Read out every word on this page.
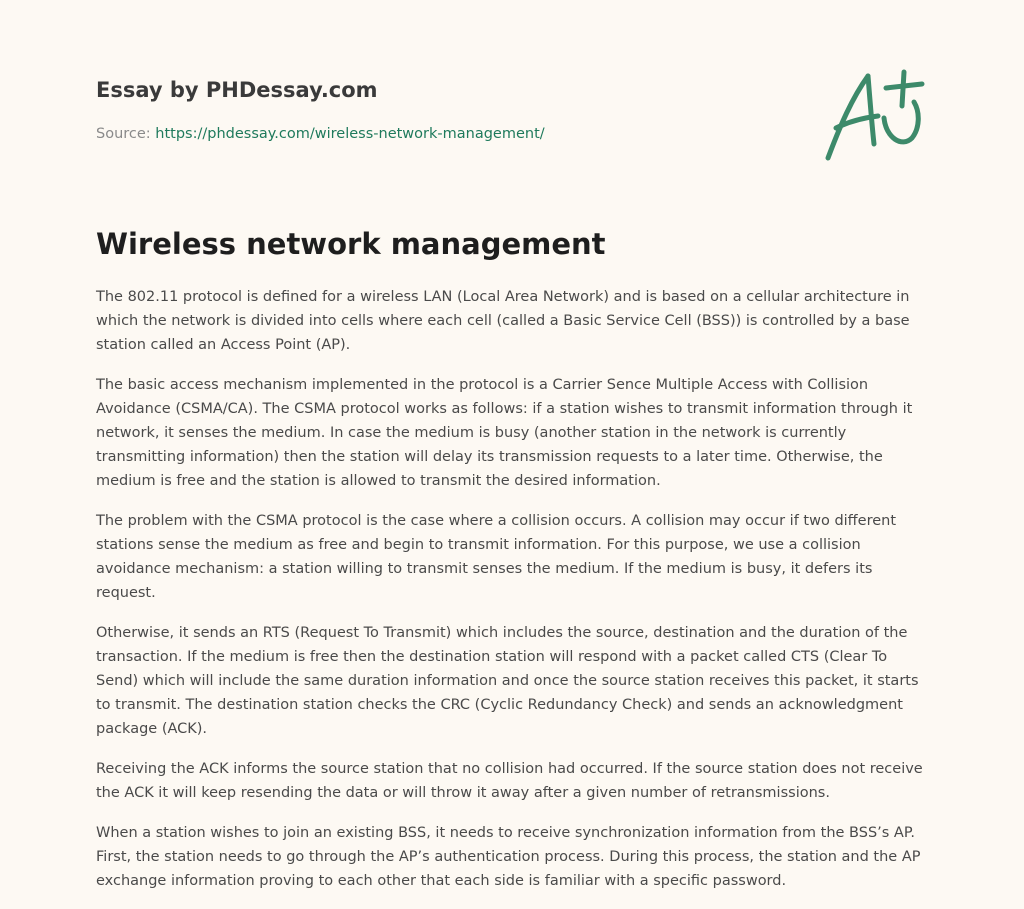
Essay by PHDessay.com
Source: https://phdessay.com/wireless-network-management/
Wireless network management

The 802.11 protocol is defined for a wireless LAN (Local Area Network) and is based on a cellular architecture in which the network is divided into cells where each cell (called a Basic Service Cell (BSS)) is controlled by a base station called an Access Point (AP).

The basic access mechanism implemented in the protocol is a Carrier Sence Multiple Access with Collision Avoidance (CSMA/CA). The CSMA protocol works as follows: if a station wishes to transmit information through it network, it senses the medium. In case the medium is busy (another station in the network is currently transmitting information) then the station will delay its transmission requests to a later time. Otherwise, the medium is free and the station is allowed to transmit the desired information.

The problem with the CSMA protocol is the case where a collision occurs. A collision may occur if two different stations sense the medium as free and begin to transmit information. For this purpose, we use a collision avoidance mechanism: a station willing to transmit senses the medium. If the medium is busy, it defers its request.

Otherwise, it sends an RTS (Request To Transmit) which includes the source, destination and the duration of the transaction. If the medium is free then the destination station will respond with a packet called CTS (Clear To Send) which will include the same duration information and once the source station receives this packet, it starts to transmit. The destination station checks the CRC (Cyclic Redundancy Check) and sends an acknowledgment package (ACK).

Receiving the ACK informs the source station that no collision had occurred. If the source station does not receive the ACK it will keep resending the data or will throw it away after a given number of retransmissions.

When a station wishes to join an existing BSS, it needs to receive synchronization information from the BSS’s AP. First, the station needs to go through the AP’s authentication process. During this process, the station and the AP exchange information proving to each other that each side is familiar with a specific password.
